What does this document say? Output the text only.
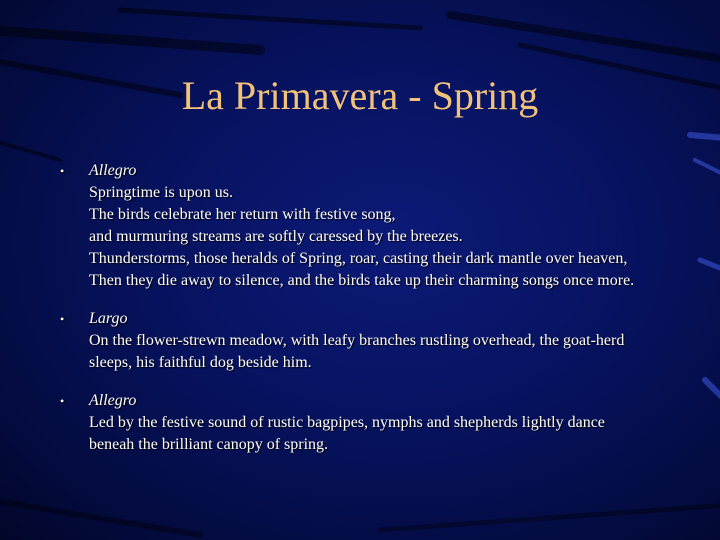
La Primavera - Spring
• Allegro
Springtime is upon us.
The birds celebrate her return with festive song,
and murmuring streams are softly caressed by the breezes.
Thunderstorms, those heralds of Spring, roar, casting their dark mantle over heaven,
Then they die away to silence, and the birds take up their charming songs once more.
• Largo
On the flower-strewn meadow, with leafy branches rustling overhead, the goat-herd sleeps, his faithful dog beside him.
• Allegro
Led by the festive sound of rustic bagpipes, nymphs and shepherds lightly dance beneah the brilliant canopy of spring.
